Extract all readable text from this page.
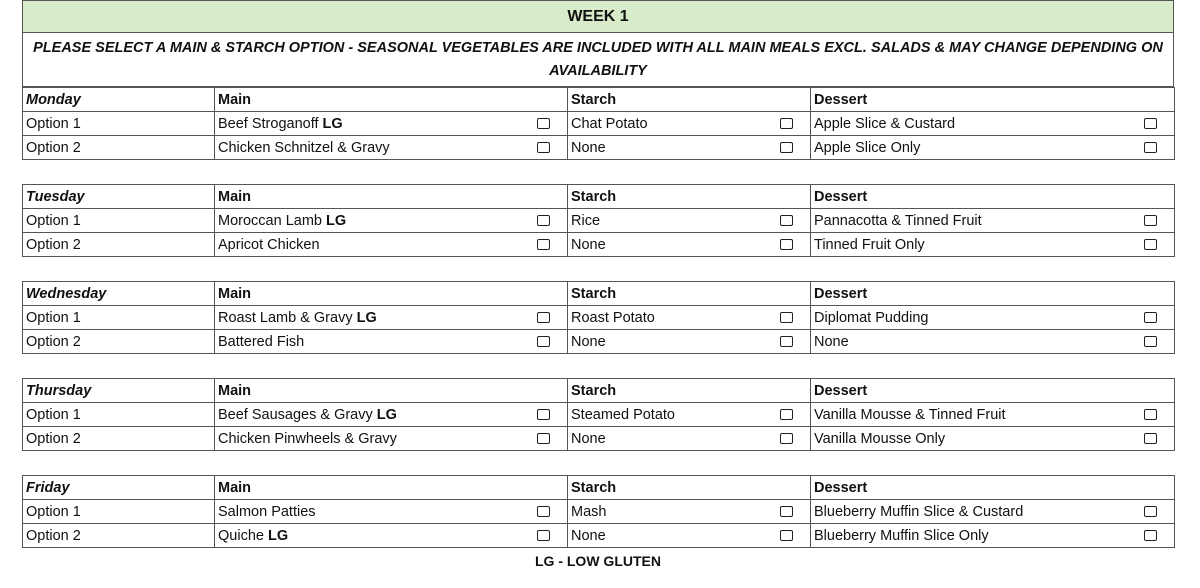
WEEK 1
PLEASE SELECT A MAIN & STARCH OPTION - SEASONAL VEGETABLES ARE INCLUDED WITH ALL MAIN MEALS EXCL. SALADS & MAY CHANGE DEPENDING ON AVAILABILITY
Monday	Main	Starch	Dessert
Option 1	Beef Stroganoff LG	Chat Potato	Apple Slice & Custard

Option 2	Chicken Schnitzel & Gravy	None	Apple Slice Only
Tuesday	Main	Starch	Dessert
Option 1	Moroccan Lamb LG	Rice	Pannacotta & Tinned Fruit

Option 2	Apricot Chicken	None	Tinned Fruit Only
Wednesday	Main	Starch	Dessert
Option 1	Roast Lamb & Gravy LG	Roast Potato	Diplomat Pudding

Option 2	Battered Fish	None	None
Thursday	Main	Starch	Dessert
Option 1	Beef Sausages & Gravy LG	Steamed Potato	Vanilla Mousse & Tinned Fruit

Option 2	Chicken Pinwheels & Gravy	None	Vanilla Mousse Only
Friday	Main	Starch	Dessert
Option 1	Salmon Patties	Mash	Blueberry Muffin Slice & Custard

Option 2	Quiche LG	None	Blueberry Muffin Slice Only
LG - LOW GLUTEN
